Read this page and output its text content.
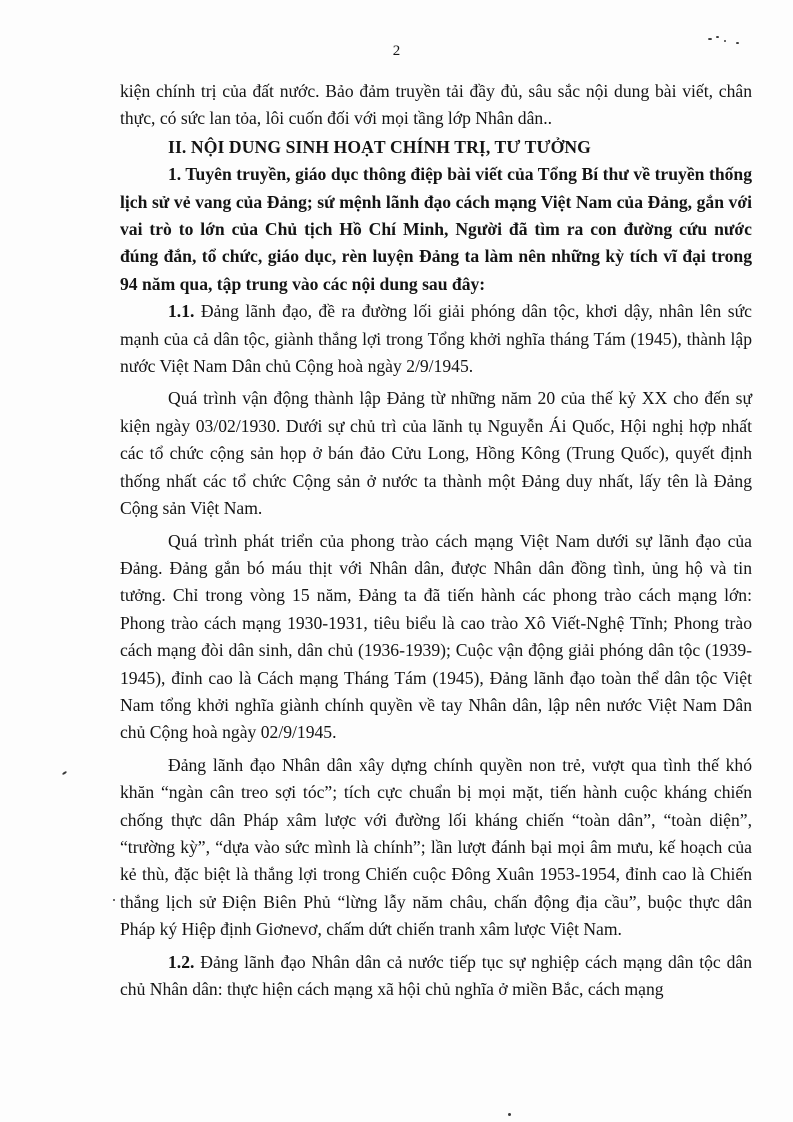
2

kiện chính trị của đất nước. Bảo đảm truyền tải đầy đủ, sâu sắc nội dung bài viết, chân thực, có sức lan tỏa, lôi cuốn đối với mọi tầng lớp Nhân dân..

II. NỘI DUNG SINH HOẠT CHÍNH TRỊ, TƯ TƯỞNG

1. Tuyên truyền, giáo dục thông điệp bài viết của Tổng Bí thư về truyền thống lịch sử vẻ vang của Đảng; sứ mệnh lãnh đạo cách mạng Việt Nam của Đảng, gắn với vai trò to lớn của Chủ tịch Hồ Chí Minh, Người đã tìm ra con đường cứu nước đúng đắn, tổ chức, giáo dục, rèn luyện Đảng ta làm nên những kỳ tích vĩ đại trong 94 năm qua, tập trung vào các nội dung sau đây:

1.1. Đảng lãnh đạo, đề ra đường lối giải phóng dân tộc, khơi dậy, nhân lên sức mạnh của cả dân tộc, giành thắng lợi trong Tổng khởi nghĩa tháng Tám (1945), thành lập nước Việt Nam Dân chủ Cộng hoà ngày 2/9/1945.

Quá trình vận động thành lập Đảng từ những năm 20 của thế kỷ XX cho đến sự kiện ngày 03/02/1930. Dưới sự chủ trì của lãnh tụ Nguyễn Ái Quốc, Hội nghị hợp nhất các tổ chức cộng sản họp ở bán đảo Cửu Long, Hồng Kông (Trung Quốc), quyết định thống nhất các tổ chức Cộng sản ở nước ta thành một Đảng duy nhất, lấy tên là Đảng Cộng sản Việt Nam.

Quá trình phát triển của phong trào cách mạng Việt Nam dưới sự lãnh đạo của Đảng. Đảng gắn bó máu thịt với Nhân dân, được Nhân dân đồng tình, ủng hộ và tin tưởng. Chỉ trong vòng 15 năm, Đảng ta đã tiến hành các phong trào cách mạng lớn: Phong trào cách mạng 1930-1931, tiêu biểu là cao trào Xô Viết-Nghệ Tĩnh; Phong trào cách mạng đòi dân sinh, dân chủ (1936-1939); Cuộc vận động giải phóng dân tộc (1939-1945), đỉnh cao là Cách mạng Tháng Tám (1945), Đảng lãnh đạo toàn thể dân tộc Việt Nam tổng khởi nghĩa giành chính quyền về tay Nhân dân, lập nên nước Việt Nam Dân chủ Cộng hoà ngày 02/9/1945.

Đảng lãnh đạo Nhân dân xây dựng chính quyền non trẻ, vượt qua tình thế khó khăn “ngàn cân treo sợi tóc”; tích cực chuẩn bị mọi mặt, tiến hành cuộc kháng chiến chống thực dân Pháp xâm lược với đường lối kháng chiến “toàn dân”, “toàn diện”, “trường kỳ”, “dựa vào sức mình là chính”; lần lượt đánh bại mọi âm mưu, kế hoạch của kẻ thù, đặc biệt là thắng lợi trong Chiến cuộc Đông Xuân 1953-1954, đỉnh cao là Chiến thắng lịch sử Điện Biên Phủ “lừng lẫy năm châu, chấn động địa cầu”, buộc thực dân Pháp ký Hiệp định Giơnevơ, chấm dứt chiến tranh xâm lược Việt Nam.

1.2. Đảng lãnh đạo Nhân dân cả nước tiếp tục sự nghiệp cách mạng dân tộc dân chủ Nhân dân: thực hiện cách mạng xã hội chủ nghĩa ở miền Bắc, cách mạng
